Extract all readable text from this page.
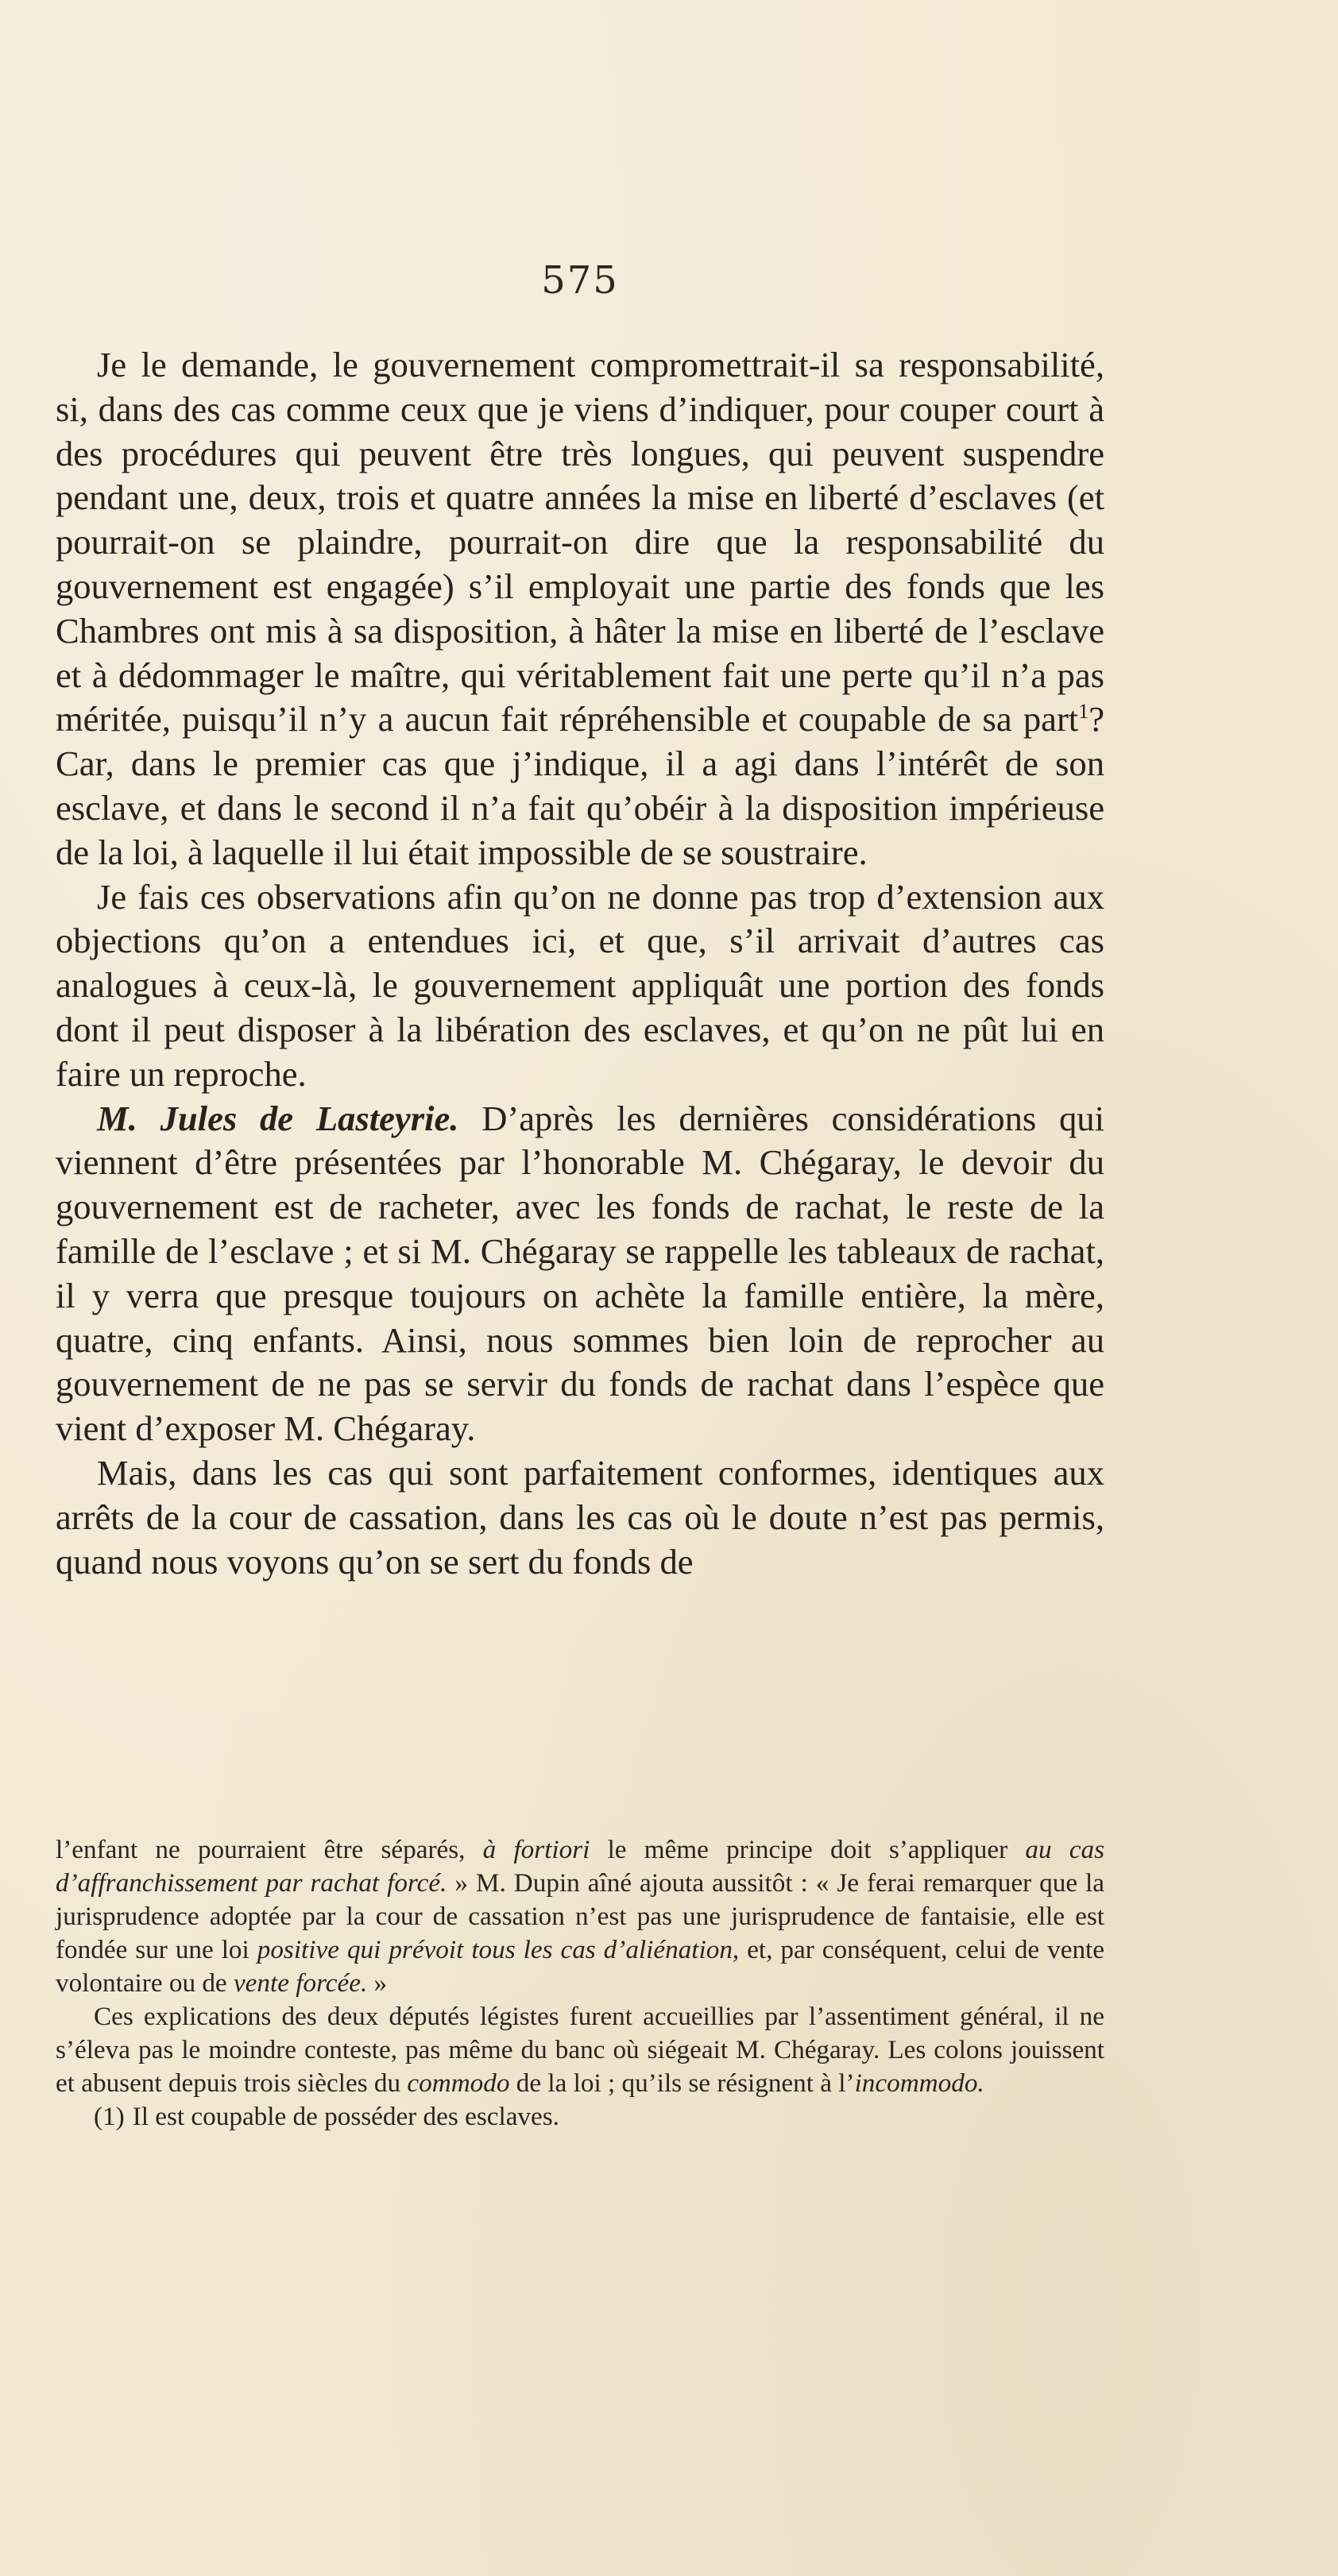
575

Je le demande, le gouvernement compromettrait-il sa responsabilité, si, dans des cas comme ceux que je viens d’indiquer, pour couper court à des procédures qui peuvent être très longues, qui peuvent suspendre pendant une, deux, trois et quatre années la mise en liberté d’esclaves (et pourrait-on se plaindre, pourrait-on dire que la responsabilité du gouvernement est engagée) s’il employait une partie des fonds que les Chambres ont mis à sa disposition, à hâter la mise en liberté de l’esclave et à dédommager le maître, qui véritablement fait une perte qu’il n’a pas méritée, puisqu’il n’y a aucun fait répréhensible et coupable de sa part$^1$? Car, dans le premier cas que j’indique, il a agi dans l’intérêt de son esclave, et dans le second il n’a fait qu’obéir à la disposition impérieuse de la loi, à laquelle il lui était impossible de se soustraire.

Je fais ces observations afin qu’on ne donne pas trop d’extension aux objections qu’on a entendues ici, et que, s’il arrivait d’autres cas analogues à ceux-là, le gouvernement appliquât une portion des fonds dont il peut disposer à la libération des esclaves, et qu’on ne pût lui en faire un reproche.

M. Jules de Lasteyrie. D’après les dernières considérations qui viennent d’être présentées par l’honorable M. Chégaray, le devoir du gouvernement est de racheter, avec les fonds de rachat, le reste de la famille de l’esclave ; et si M. Chégaray se rappelle les tableaux de rachat, il y verra que presque toujours on achète la famille entière, la mère, quatre, cinq enfants. Ainsi, nous sommes bien loin de reprocher au gouvernement de ne pas se servir du fonds de rachat dans l’espèce que vient d’exposer M. Chégaray.

Mais, dans les cas qui sont parfaitement conformes, identiques aux arrêts de la cour de cassation, dans les cas où le doute n’est pas permis, quand nous voyons qu’on se sert du fonds de

l’enfant ne pourraient être séparés, à fortiori le même principe doit s’appliquer au cas d’affranchissement par rachat forcé. » M. Dupin aîné ajouta aussitôt : « Je ferai remarquer que la jurisprudence adoptée par la cour de cassation n’est pas une jurisprudence de fantaisie, elle est fondée sur une loi positive qui prévoit tous les cas d’aliénation, et, par conséquent, celui de vente volontaire ou de vente forcée. »

Ces explications des deux députés légistes furent accueillies par l’assentiment général, il ne s’éleva pas le moindre conteste, pas même du banc où siégeait M. Chégaray. Les colons jouissent et abusent depuis trois siècles du commodo de la loi ; qu’ils se résignent à l’incommodo.

(1) Il est coupable de posséder des esclaves.
